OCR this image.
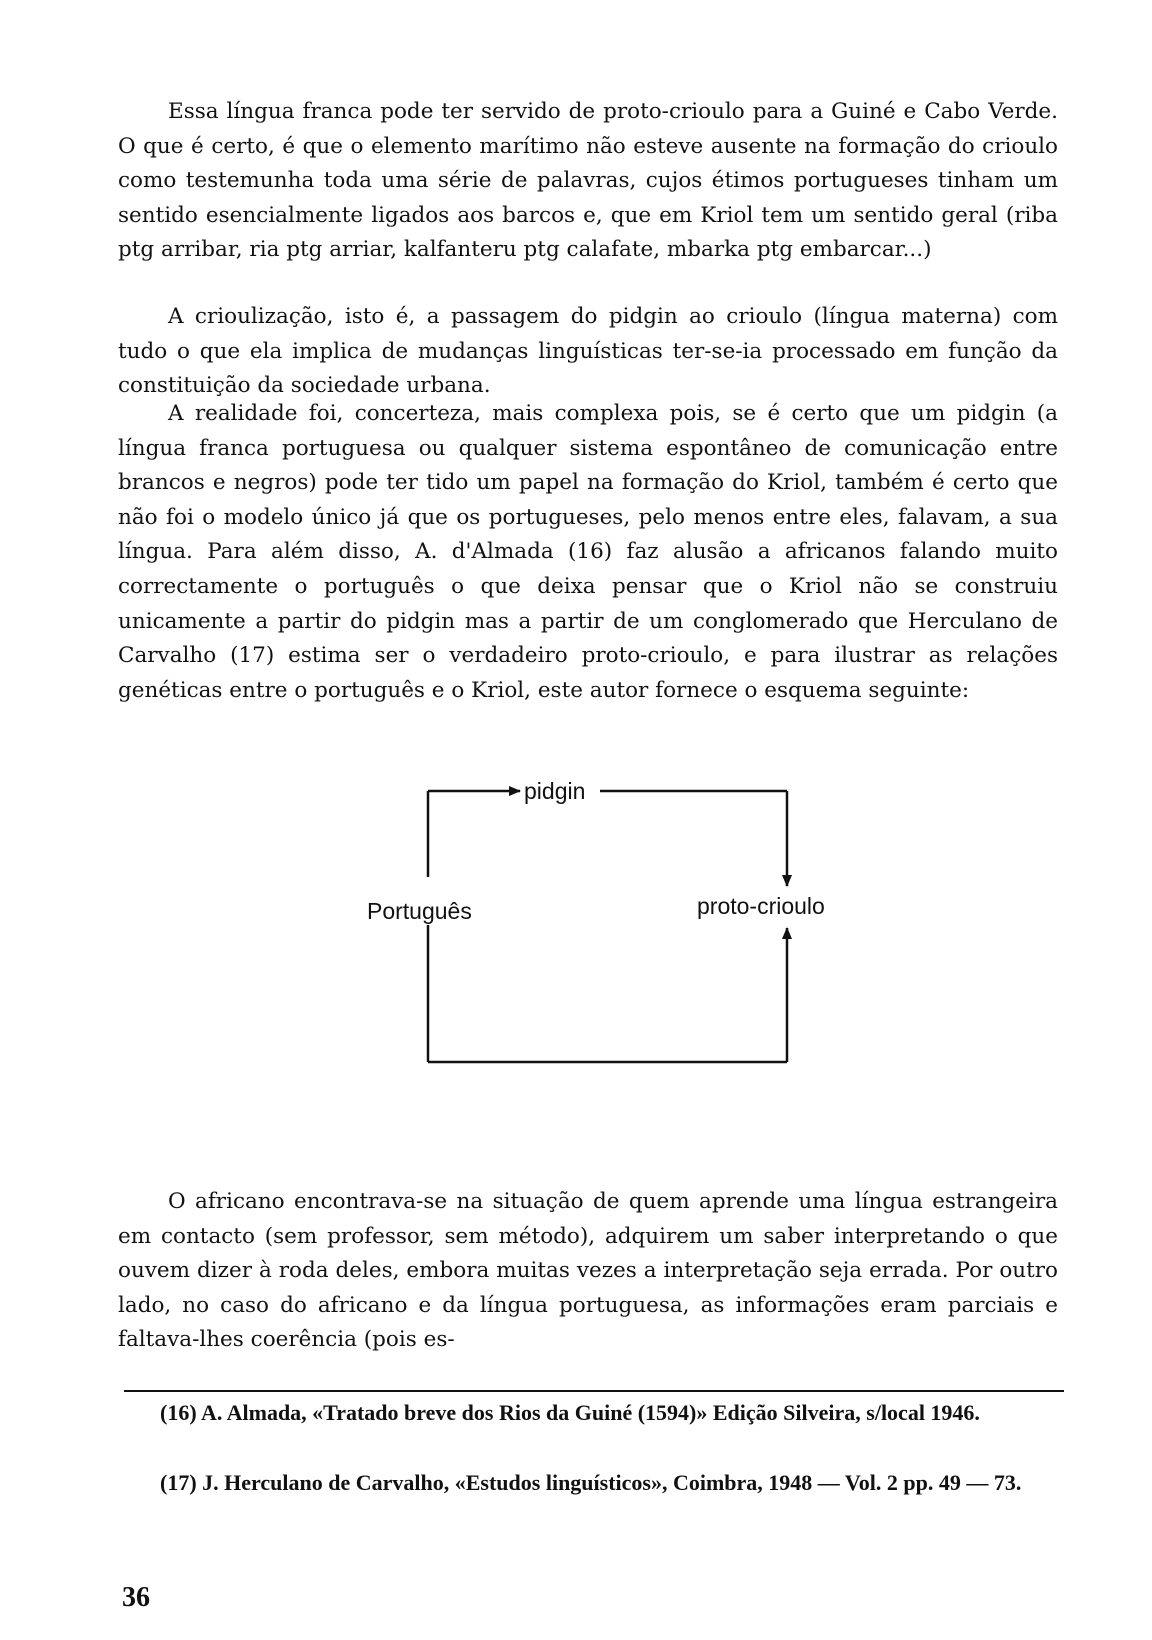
Essa língua franca pode ter servido de proto-crioulo para a Guiné e Cabo Verde. O que é certo, é que o elemento marítimo não esteve ausente na formação do crioulo como testemunha toda uma série de palavras, cujos étimos portugueses tinham um sentido esencialmente ligados aos barcos e, que em Kriol tem um sentido geral (riba ptg arribar, ria ptg arriar, kalfanteru ptg calafate, mbarka ptg embarcar...)

A crioulização, isto é, a passagem do pidgin ao crioulo (língua materna) com tudo o que ela implica de mudanças linguísticas ter-se-ia processado em função da constituição da sociedade urbana.

A realidade foi, concerteza, mais complexa pois, se é certo que um pidgin (a língua franca portuguesa ou qualquer sistema espontâneo de comunicação entre brancos e negros) pode ter tido um papel na formação do Kriol, também é certo que não foi o modelo único já que os portugueses, pelo menos entre eles, falavam, a sua língua. Para além disso, A. d'Almada (16) faz alusão a africanos falando muito correctamente o português o que deixa pensar que o Kriol não se construiu unicamente a partir do pidgin mas a partir de um conglomerado que Herculano de Carvalho (17) estima ser o verdadeiro proto-crioulo, e para ilustrar as relações genéticas entre o português e o Kriol, este autor fornece o esquema seguinte:

pidgin
Português	proto-crioulo

O africano encontrava-se na situação de quem aprende uma língua estrangeira em contacto (sem professor, sem método), adquirem um saber interpretando o que ouvem dizer à roda deles, embora muitas vezes a interpretação seja errada. Por outro lado, no caso do africano e da língua portuguesa, as informações eram parciais e faltava-lhes coerência (pois es-

(16) A. Almada, «Tratado breve dos Rios da Guiné (1594)» Edição Silveira, s/local 1946.

(17) J. Herculano de Carvalho, «Estudos linguísticos», Coimbra, 1948 — Vol. 2 pp. 49 — 73.

36
